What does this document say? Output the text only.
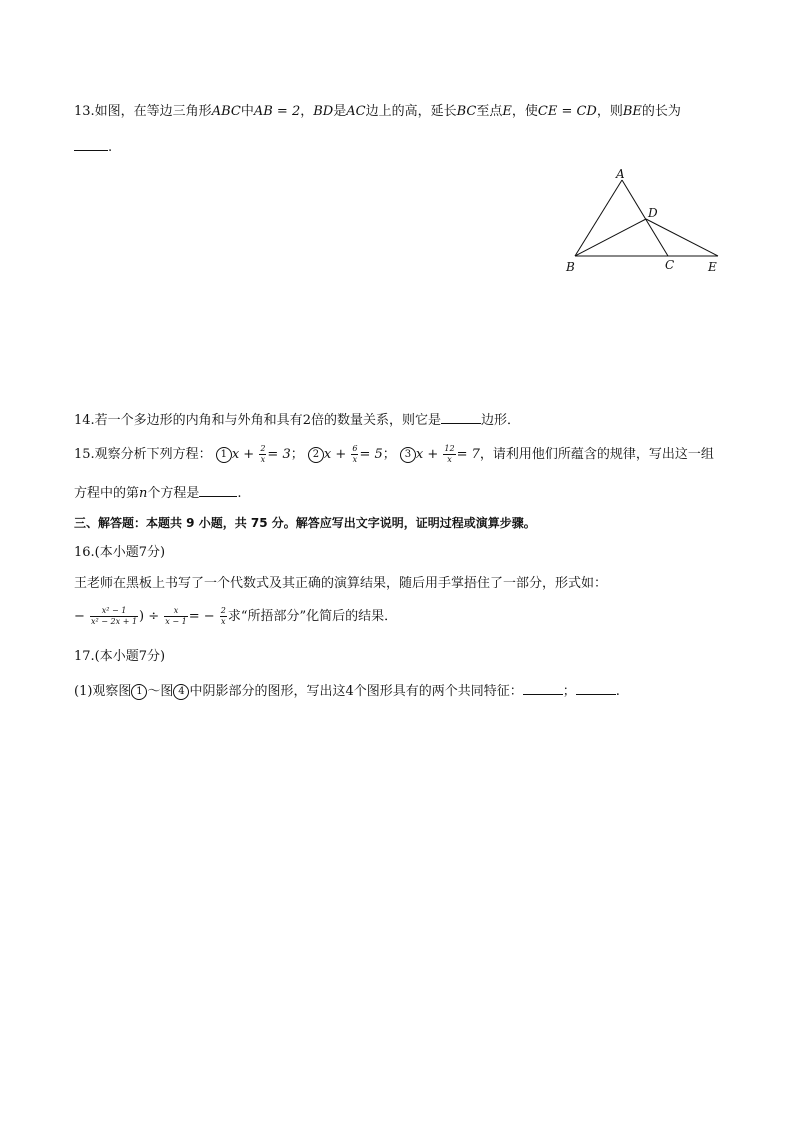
13.如图，在等边三角形ABC中AB = 2，BD是AC边上的高，延长BC至点E，使CE = CD，则BE的长为
.
A
D
B	C	E
14.若一个多边形的内角和与外角和具有2倍的数量关系，则它是	边形．
15.观察分析下列方程： 1 $x + \frac{2}{x} = 3$； 2 $x + \frac{6}{x} = 5$； 3 $x + \frac{12}{x} = 7$，请利用他们所蕴含的规律，写出这一组
方程中的第n个方程是	.
三、解答题：本题共 9 小题，共 75 分。解答应写出文字说明，证明过程或演算步骤。
16.(本小题7分)
王老师在黑板上书写了一个代数式及其正确的演算结果，随后用手掌捂住了一部分，形式如：
− $\frac{\text{x² − 1}}{\text{x² − 2x + 1}}$ ) ÷ $\frac{x}{x - 1}$ = − $\frac{2}{x}$ 求“所捂部分”化简后的结果．
17.(本小题7分)
(1)观察图 1 ～图 4 中阴影部分的图形，写出这4个图形具有的两个共同特征：	；	.
